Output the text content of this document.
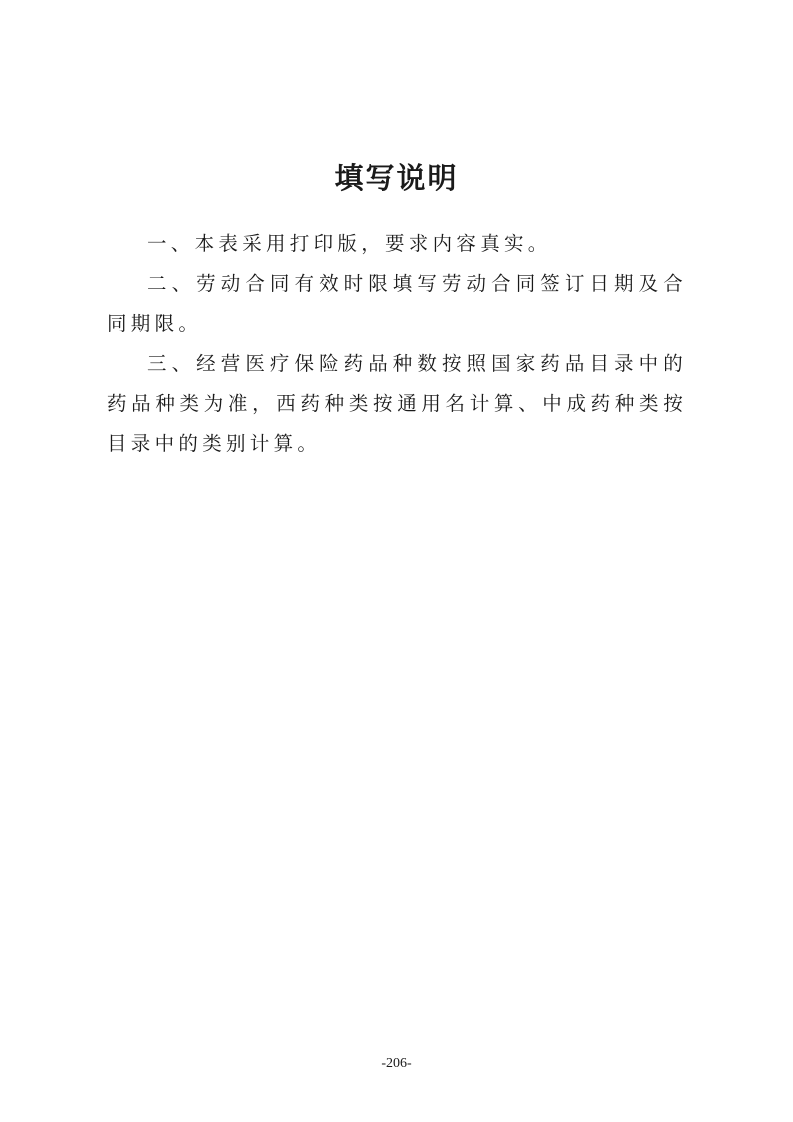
填写说明

一、本表采用打印版，要求内容真实。

二、劳动合同有效时限填写劳动合同签订日期及合同期限。

三、经营医疗保险药品种数按照国家药品目录中的药品种类为准，西药种类按通用名计算、中成药种类按目录中的类别计算。

-206-
